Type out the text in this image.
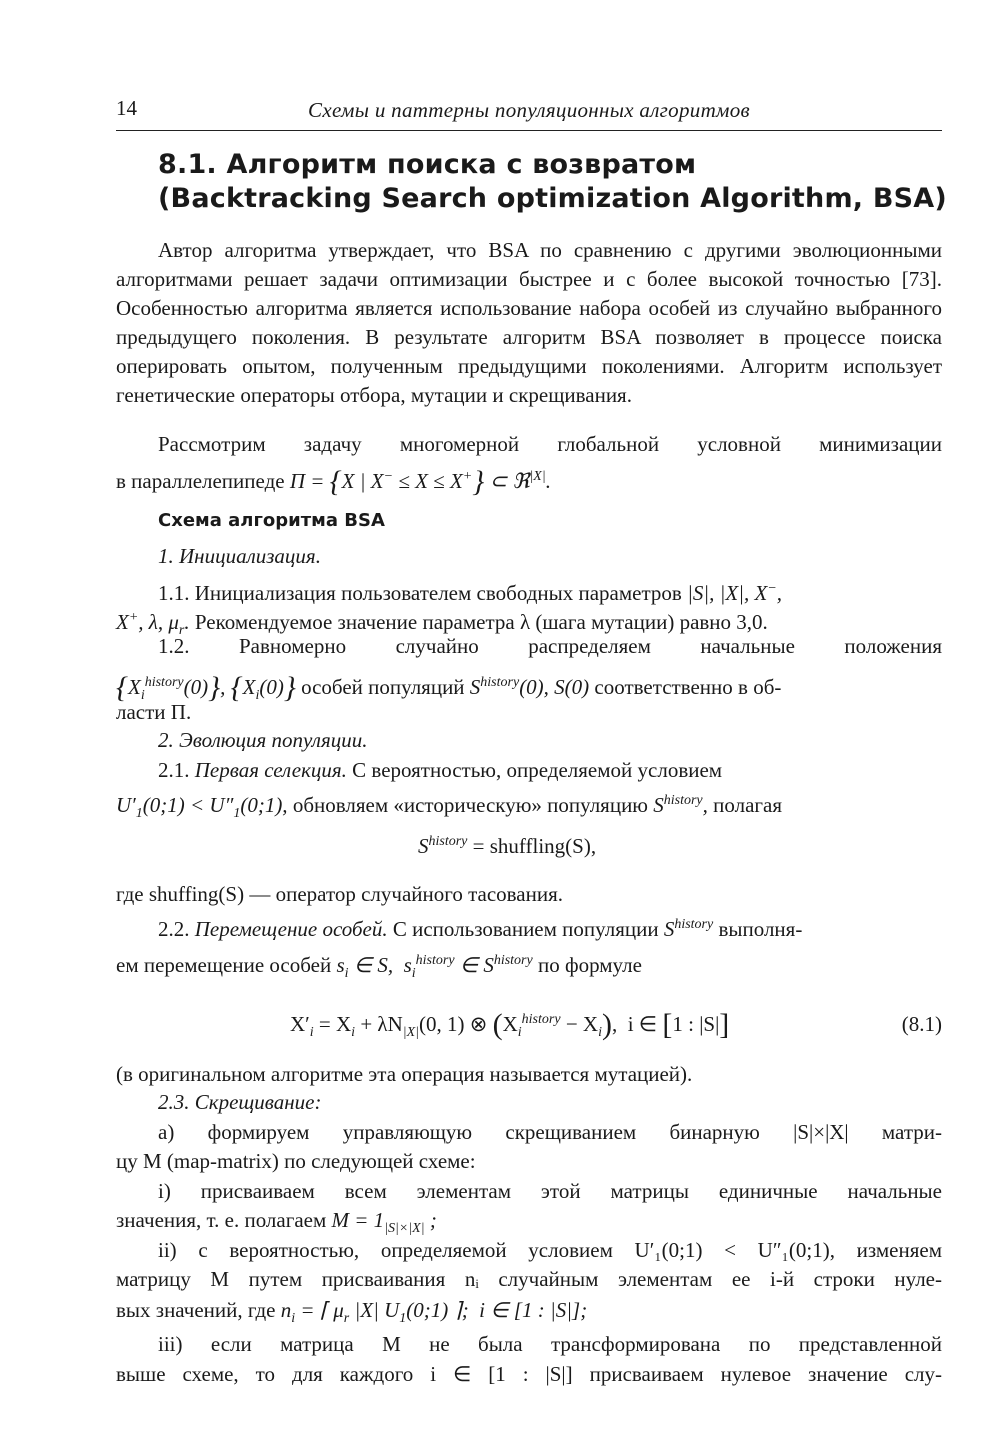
14	Схемы и паттерны популяционных алгоритмов
8.1. Алгоритм поиска с возвратом
(Backtracking Search optimization Algorithm, BSA)
Автор алгоритма утверждает, что BSA по сравнению с другими эволюционными алгоритмами решает задачи оптимизации быстрее и с более высокой точностью [73]. Особенностью алгоритма является использование набора особей из случайно выбранного предыдущего поколения. В результате алгоритм BSA позволяет в процессе поиска оперировать опытом, полученным предыдущими поколениями. Алгоритм использует генетические операторы отбора, мутации и скрещивания.
Рассмотрим задачу многомерной глобальной условной минимизации
в параллелепипеде П = {X | X− ≤ X ≤ X+} ⊂ ℜ$^{|X|}$.
Схема алгоритма BSA
1. Инициализация.
1.1. Инициализация пользователем свободных параметров |S|, |X|, X−,
X+, λ, $\mu_r$. Рекомендуемое значение параметра λ (шага мутации) равно 3,0.
1.2. Равномерно случайно распределяем начальные положения
$\{X_i^{history}(0)\}$, $\{X_i(0)\}$ особей популяций $S^{history}(0)$, S(0) соответственно в об-
ласти П.
2. Эволюция популяции.
2.1. Первая селекция. С вероятностью, определяемой условием
$U'_1(0;1)$ < $U''_1(0;1)$, обновляем «историческую» популяцию $S^{history}$, полагая
$S^{history}$ = shuffling(S),
где shuffing(S) — оператор случайного тасования.
2.2. Перемещение особей. С использованием популяции $S^{history}$ выполня-
ем перемещение особей $s_i$ ∈ S,  $s_i^{history}$ ∈ $S^{history}$ по формуле
$X'_i = X_i + \lambda N_{|X|}(0$, 1) ⊗ $(X_i^{history} - X_i)$,  i ∈ [1 : |S|]	(8.1)
(в оригинальном алгоритме эта операция называется мутацией).
2.3. Скрещивание:
а) формируем управляющую скрещиванием бинарную |S|×|X| матри-
цу M (map-matrix) по следующей схеме:
i) присваиваем всем элементам этой матрицы единичные начальные
значения, т. е. полагаем $M = 1_{|S|\times|X|}$ ;
ii) с вероятностью, определяемой условием U′₁(0;1) < U″₁(0;1), изменяем
матрицу M путем присваивания nᵢ случайным элементам ее i-й строки нуле-
вых значений, где $n_i$ = ⌈ $\mu_r$ |X| $U_1(0;1)$ ⌉;  i ∈ [1 : |S|];
iii) если матрица M не была трансформирована по представленной
выше схеме, то для каждого i ∈ [1 : |S|] присваиваем нулевое значение слу-
